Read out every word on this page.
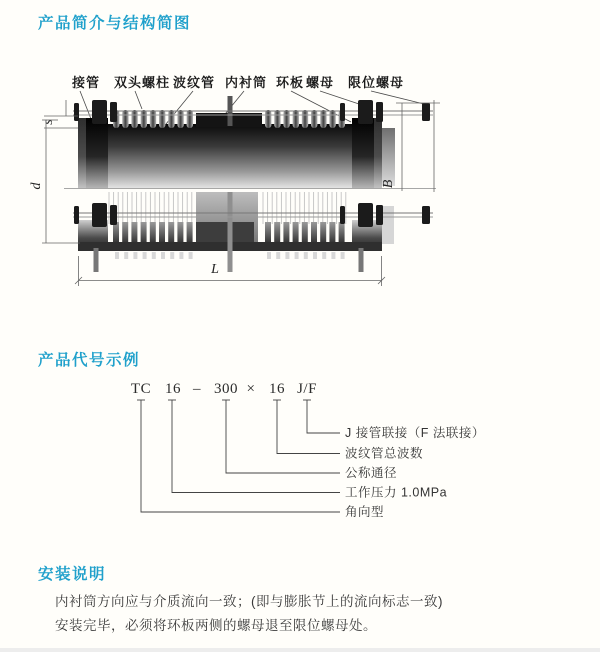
产品简介与结构简图
产品代号示例
安装说明
接管 双头螺柱 波纹管 内衬筒 环板 螺母 限位螺母
s
d	B
L
TC 16 – 300 × 16 J/F
J 接管联接（F 法联接）
波纹管总波数
公称通径
工作压力 1.0MPa
角向型

内衬筒方向应与介质流向一致；(即与膨胀节上的流向标志一致)

安装完毕，必须将环板两侧的螺母退至限位螺母处。
